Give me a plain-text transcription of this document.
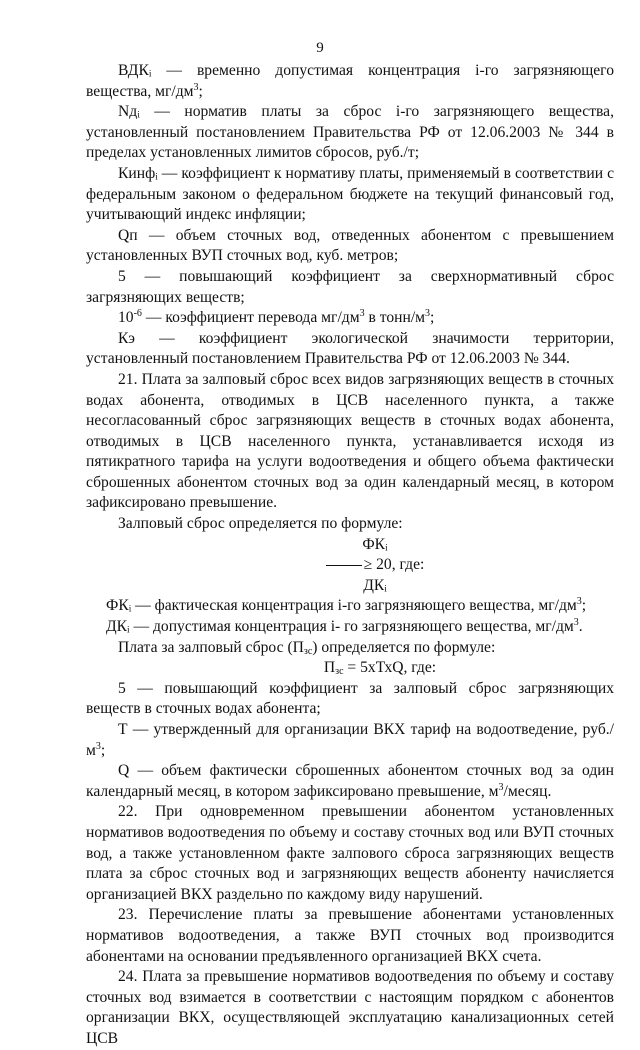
9

ВДКᵢ — временно допустимая концентрация i-го загрязняющего вещества, $мг/дм^3$;

Nдᵢ — норматив платы за сброс i-го загрязняющего вещества, установленный постановлением Правительства РФ от 12.06.2003 № 344 в пределах установленных лимитов сбросов, руб./т;

Кинфᵢ — коэффициент к нормативу платы, применяемый в соответствии с федеральным законом о федеральном бюджете на текущий финансовый год, учитывающий индекс инфляции;

Qп — объем сточных вод, отведенных абонентом с превышением установленных ВУП сточных вод, куб. метров;

5 — повышающий коэффициент за сверхнормативный сброс загрязняющих веществ;

$10^{-6}$ — коэффициент перевода $мг/дм^3$ в тонн/$м^3$;

Кэ — коэффициент экологической значимости территории, установленный постановлением Правительства РФ от 12.06.2003 № 344.

21. Плата за залповый сброс всех видов загрязняющих веществ в сточных водах абонента, отводимых в ЦСВ населенного пункта, а также несогласованный сброс загрязняющих веществ в сточных водах абонента, отводимых в ЦСВ населенного пункта, устанавливается исходя из пятикратного тарифа на услуги водоотведения и общего объема фактически сброшенных абонентом сточных вод за один календарный месяц, в котором зафиксировано превышение.

Залповый сброс определяется по формуле:

ФКᵢ

≥ 20, где:

ДКᵢ

ФКᵢ — фактическая концентрация i-го загрязняющего вещества, $мг/дм^3$;

ДКᵢ — допустимая концентрация i- го загрязняющего вещества, $мг/дм^3$.

Плата за залповый сброс $(П_{зс})$ определяется по формуле:

$П_{зс}$ = 5хТхQ, где:

5 — повышающий коэффициент за залповый сброс загрязняющих веществ в сточных водах абонента;

Т — утвержденный для организации ВКХ тариф на водоотведение, $руб./м^3$;

Q — объем фактически сброшенных абонентом сточных вод за один календарный месяц, в котором зафиксировано превышение, $м^3$/месяц.

22. При одновременном превышении абонентом установленных нормативов водоотведения по объему и составу сточных вод или ВУП сточных вод, а также установленном факте залпового сброса загрязняющих веществ плата за сброс сточных вод и загрязняющих веществ абоненту начисляется организацией ВКХ раздельно по каждому виду нарушений.

23. Перечисление платы за превышение абонентами установленных нормативов водоотведения, а также ВУП сточных вод производится абонентами на основании предъявленного организацией ВКХ счета.

24. Плата за превышение нормативов водоотведения по объему и составу сточных вод взимается в соответствии с настоящим порядком с абонентов организации ВКХ, осуществляющей эксплуатацию канализационных сетей ЦСВ
